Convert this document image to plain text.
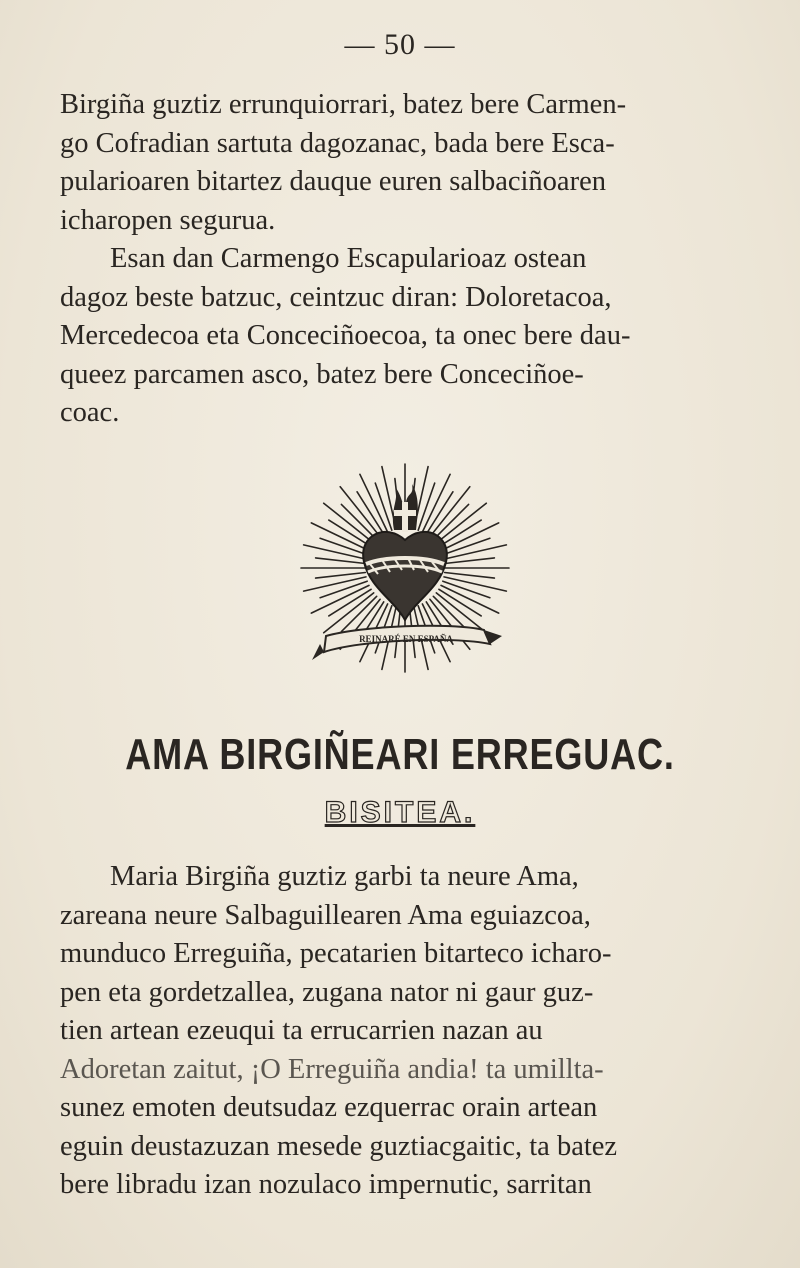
— 50 —

Birgiña guztiz errunquiorrari, batez bere Carmen-
go Cofradian sartuta dagozanac, bada bere Esca-
pularioaren bitartez dauque euren salbaciñoaren
icharopen segurua.

Esan dan Carmengo Escapularioaz ostean
dagoz beste batzuc, ceintzuc diran: Doloretacoa,
Mercedecoa eta Conceciñoecoa, ta onec bere dau-
queez parcamen asco, batez bere Conceciñoe-
coac.

REINARÉ EN ESPAÑA
AMA BIRGIÑEARI ERREGUAC.
BISITEA.

Maria Birgiña guztiz garbi ta neure Ama,
zareana neure Salbaguillearen Ama eguiazcoa,
munduco Erreguiña, pecatarien bitarteco icharo-
pen eta gordetzallea, zugana nator ni gaur guz-
tien artean ezeuqui ta errucarrien nazan au
Adoretan zaitut, ¡O Erreguiña andia! ta umillta-
sunez emoten deutsudaz ezquerrac orain artean
eguin deustazuzan mesede guztiacgaitic, ta batez
bere libradu izan nozulaco impernutic, sarritan
